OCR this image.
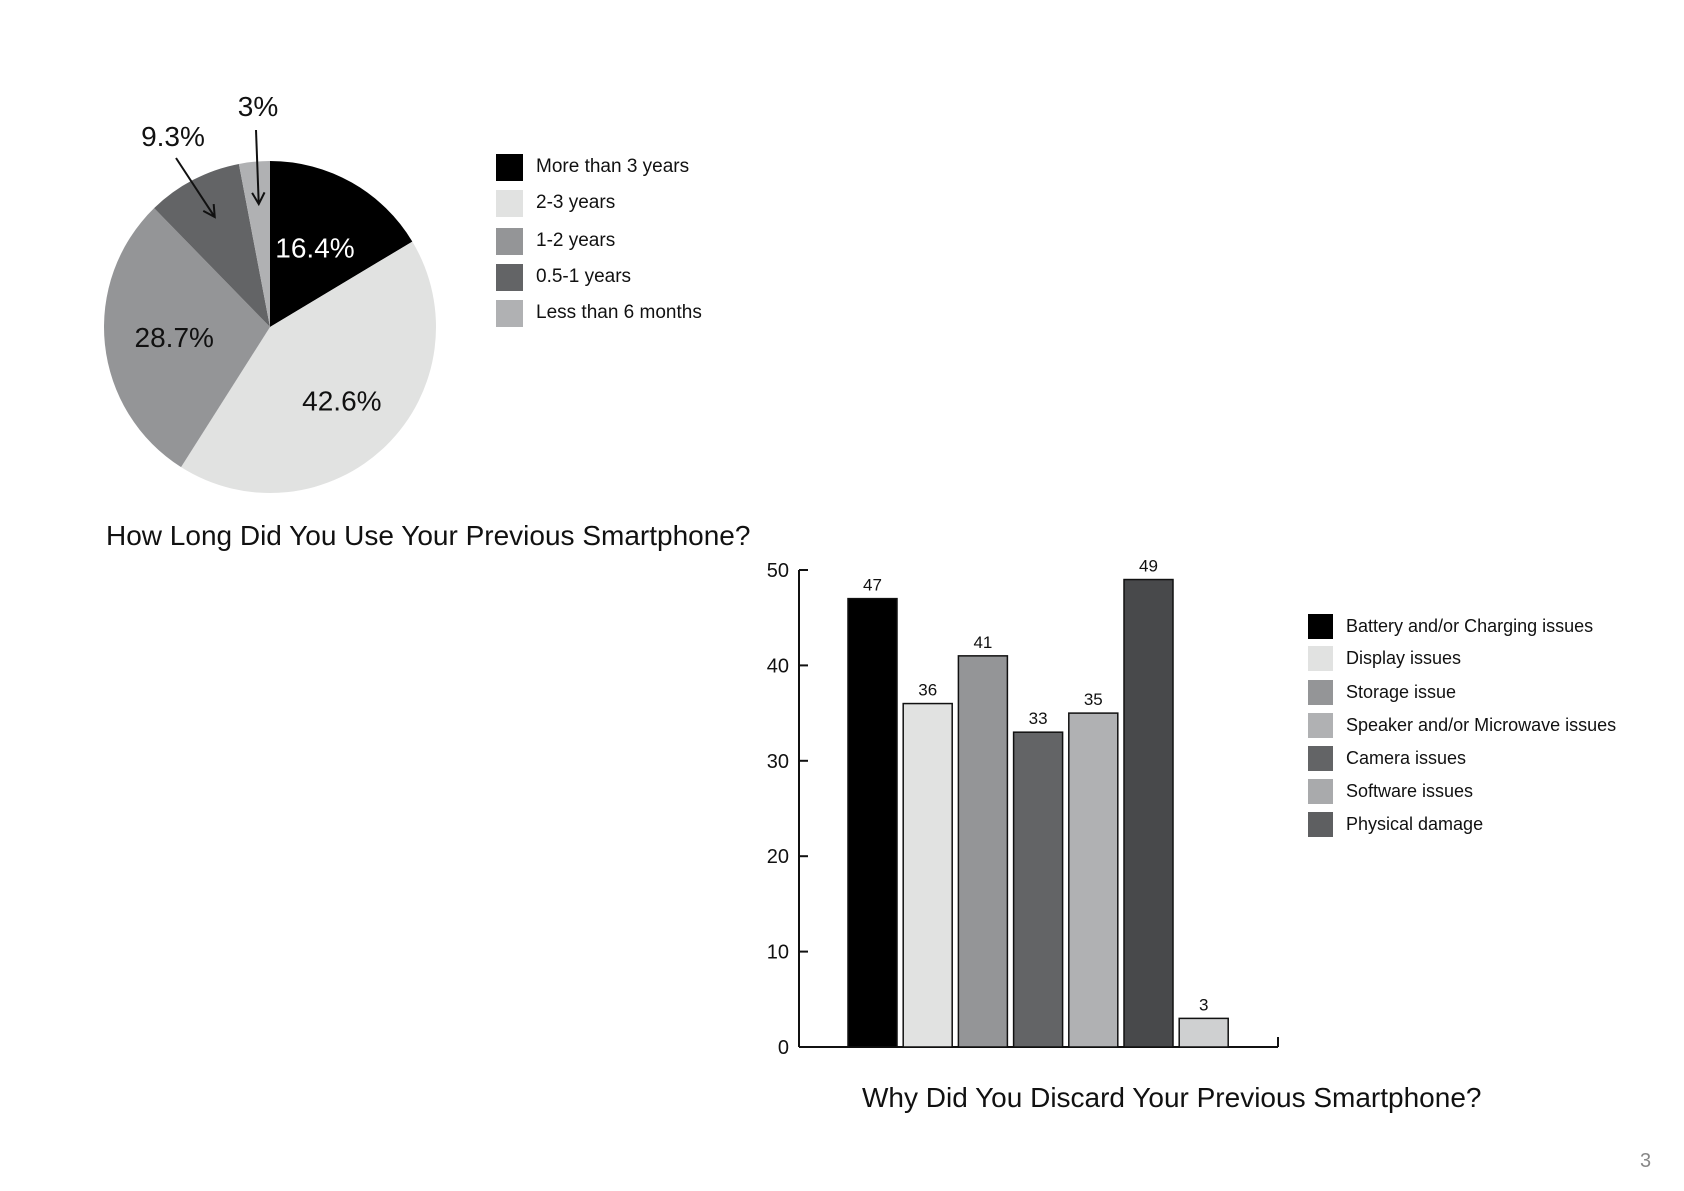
16.4%
42.6%
28.7%
9.3%
3%
0
10
20
30
40
50
47
36
41
33
35
49
3
How Long Did You Use Your Previous Smartphone?
Why Did You Discard Your Previous Smartphone?
More than 3 years
2-3 years
1-2 years
0.5-1 years
Less than 6 months
Battery and/or Charging issues
Display issues
Storage issue
Speaker and/or Microwave issues
Camera issues
Software issues
Physical damage
3
